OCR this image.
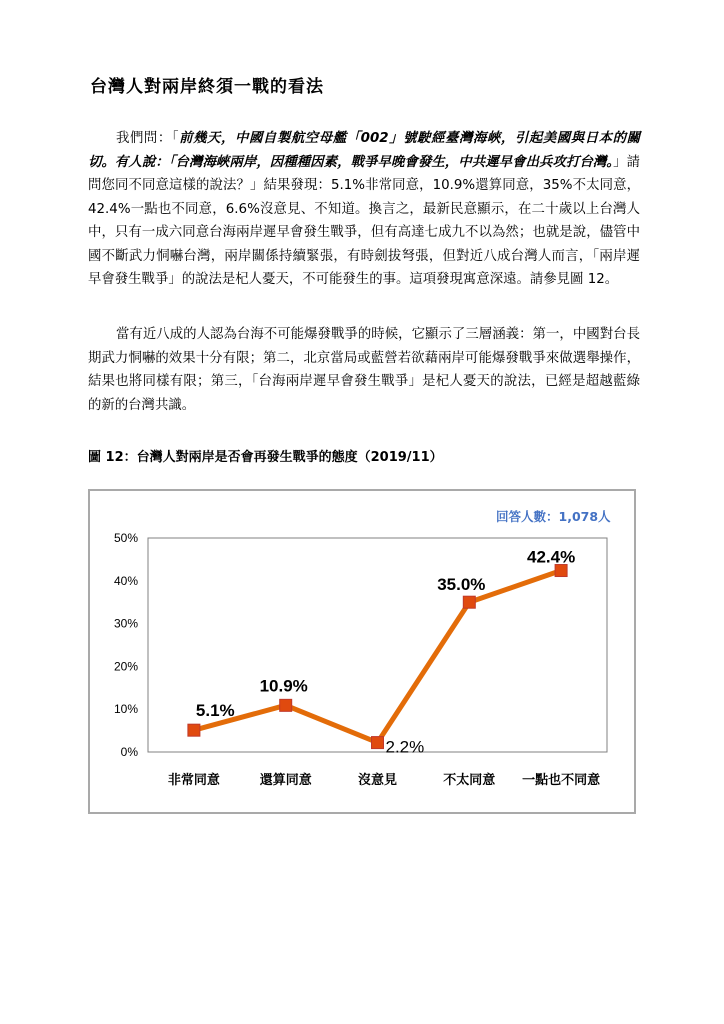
台灣人對兩岸終須一戰的看法
我們問：「前幾天，中國自製航空母艦「002」號駛經臺灣海峽，引起美國與日本的關切。有人說：「台灣海峽兩岸，因種種因素，戰爭早晚會發生，中共遲早會出兵攻打台灣。」請問您同不同意這樣的說法？」結果發現：5.1%非常同意，10.9%還算同意，35%不太同意，42.4%一點也不同意，6.6%沒意見、不知道。換言之，最新民意顯示，在二十歲以上台灣人中，只有一成六同意台海兩岸遲早會發生戰爭，但有高達七成九不以為然；也就是說，儘管中國不斷武力恫嚇台灣，兩岸關係持續緊張，有時劍拔弩張，但對近八成台灣人而言，「兩岸遲早會發生戰爭」的說法是杞人憂天，不可能發生的事。這項發現寓意深遠。請參見圖 12。
當有近八成的人認為台海不可能爆發戰爭的時候，它顯示了三層涵義：第一，中國對台長期武力恫嚇的效果十分有限；第二，北京當局或藍營若欲藉兩岸可能爆發戰爭來做選舉操作，結果也將同樣有限；第三，「台海兩岸遲早會發生戰爭」是杞人憂天的說法，已經是超越藍綠的新的台灣共識。
圖 12：台灣人對兩岸是否會再發生戰爭的態度（2019/11）
回答人數：1,078人
0%
10%
20%
30%
40%
50%
非常同意	還算同意	沒意見	不太同意 一點也不同意
5.1%
10.9%
2.2%
35.0%
42.4%
